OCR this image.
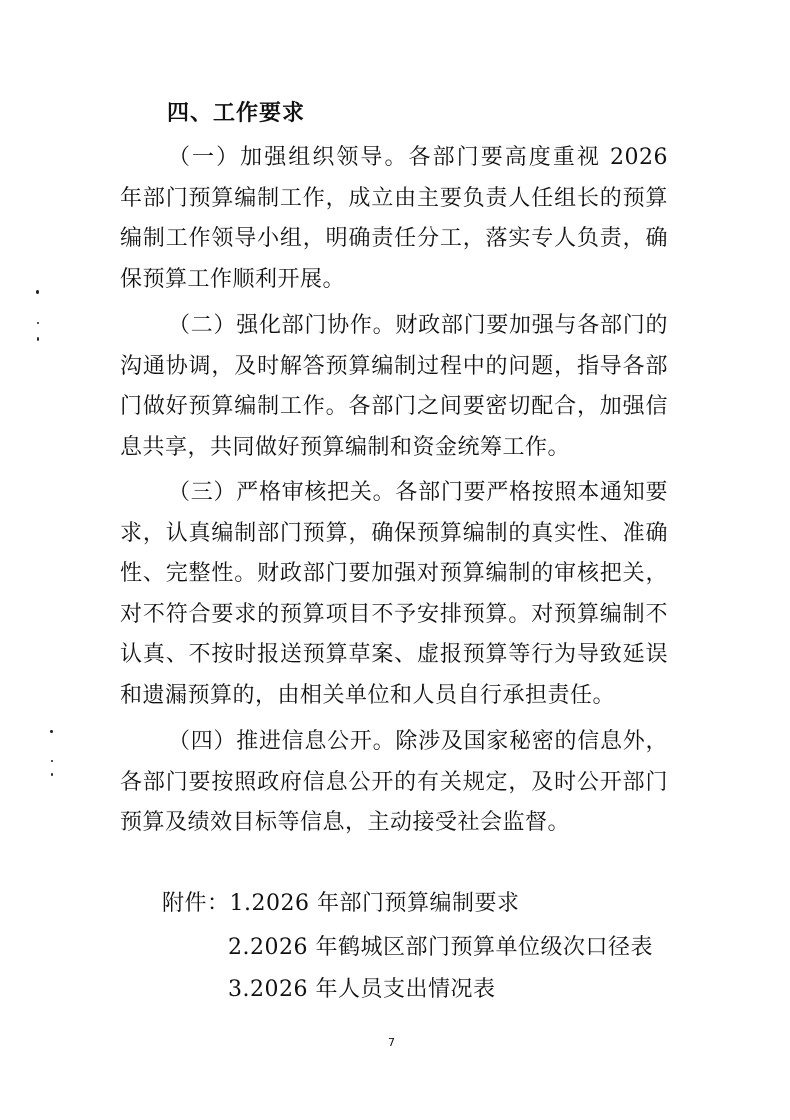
四、工作要求

（一）加强组织领导。各部门要高度重视 2026 年部门预算编制工作，成立由主要负责人任组长的预算编制工作领导小组，明确责任分工，落实专人负责，确保预算工作顺利开展。

（二）强化部门协作。财政部门要加强与各部门的沟通协调，及时解答预算编制过程中的问题，指导各部门做好预算编制工作。各部门之间要密切配合，加强信息共享，共同做好预算编制和资金统筹工作。

（三）严格审核把关。各部门要严格按照本通知要求，认真编制部门预算，确保预算编制的真实性、准确性、完整性。财政部门要加强对预算编制的审核把关，对不符合要求的预算项目不予安排预算。对预算编制不认真、不按时报送预算草案、虚报预算等行为导致延误和遗漏预算的，由相关单位和人员自行承担责任。

（四）推进信息公开。除涉及国家秘密的信息外，各部门要按照政府信息公开的有关规定，及时公开部门预算及绩效目标等信息，主动接受社会监督。

附件：1.2026 年部门预算编制要求
2.2026 年鹤城区部门预算单位级次口径表
3.2026 年人员支出情况表
7
